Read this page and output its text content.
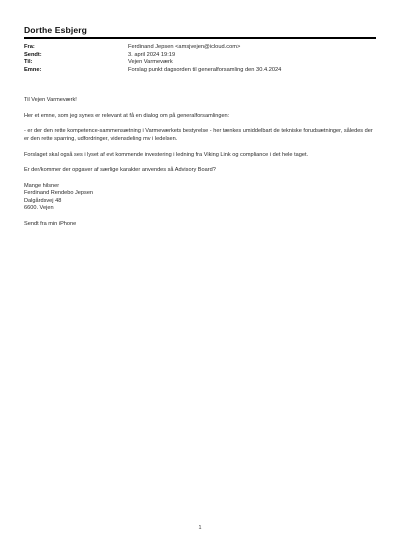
Dorthe Esbjerg
Fra:	Ferdinand Jepsen <amsjvejen@icloud.com>
Sendt:	3. april 2024 19:19
Til:	Vejen Varmeværk
Emne:	Forslag punkt dagsorden til generalforsamling den 30.4.2024

Til Vejen Varmeværk!

Her et emne, som jeg synes er relevant at få en dialog om på generalforsamlingen:

- er der den rette kompetence-sammensætning i Varmeværkets bestyrelse - her tænkes umiddelbart de tekniske forudsætninger, således der er den rette sparring, udfordringer, vidensdeling mv i ledelsen.

Forslaget skal også ses i lyset af evt kommende investering i ledning fra Viking Link og compliance i det hele taget.

Er der/kommer der opgaver af særlige karakter anvendes så Advisory Board?

Mange hilsner
Ferdinand Rendebo Jepsen
Dalgårdsvej 48
6600. Vejen

Sendt fra min iPhone

1
